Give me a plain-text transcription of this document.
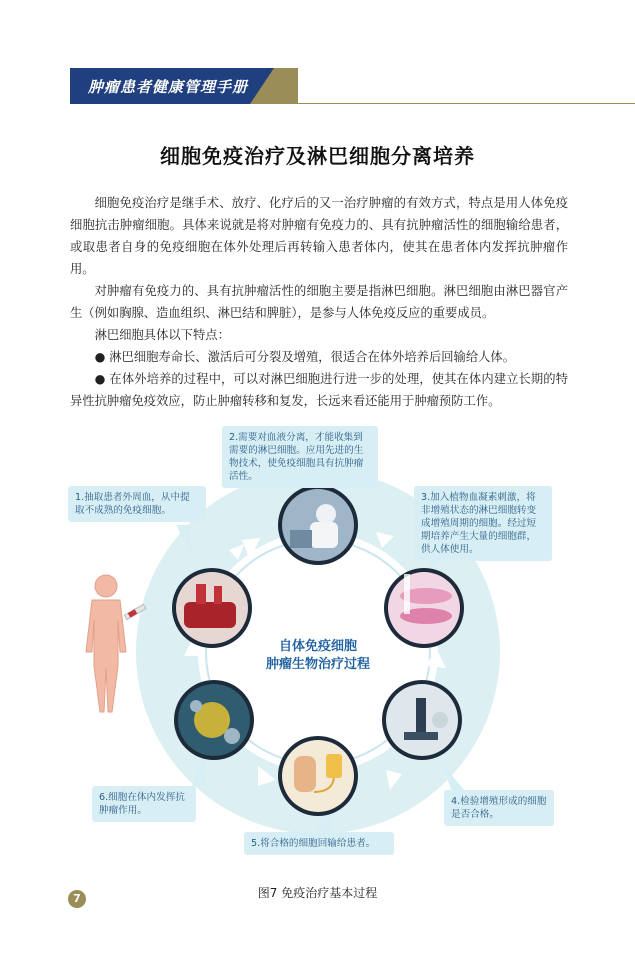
肿瘤患者健康管理手册
细胞免疫治疗及淋巴细胞分离培养

细胞免疫治疗是继手术、放疗、化疗后的又一治疗肿瘤的有效方式，特点是用人体免疫细胞抗击肿瘤细胞。具体来说就是将对肿瘤有免疫力的、具有抗肿瘤活性的细胞输给患者，或取患者自身的免疫细胞在体外处理后再转输入患者体内，使其在患者体内发挥抗肿瘤作用。

对肿瘤有免疫力的、具有抗肿瘤活性的细胞主要是指淋巴细胞。淋巴细胞由淋巴器官产生（例如胸腺、造血组织、淋巴结和脾脏），是参与人体免疫反应的重要成员。

淋巴细胞具体以下特点：

● 淋巴细胞寿命长、激活后可分裂及增殖，很适合在体外培养后回输给人体。

● 在体外培养的过程中，可以对淋巴细胞进行进一步的处理，使其在体内建立长期的特异性抗肿瘤免疫效应，防止肿瘤转移和复发，长远来看还能用于肿瘤预防工作。

1.抽取患者外周血，从中提取不成熟的免疫细胞。
2.需要对血液分离，才能收集到需要的淋巴细胞。应用先进的生物技术，使免疫细胞具有抗肿瘤活性。
3.加入植物血凝素刺激，将非增殖状态的淋巴细胞转变成增殖周期的细胞。经过短期培养产生大量的细胞群，供人体使用。
4.检验增殖形成的细胞是否合格。
5.将合格的细胞回输给患者。
6.细胞在体内发挥抗肿瘤作用。
自体免疫细胞
肿瘤生物治疗过程
图7 免疫治疗基本过程
7
